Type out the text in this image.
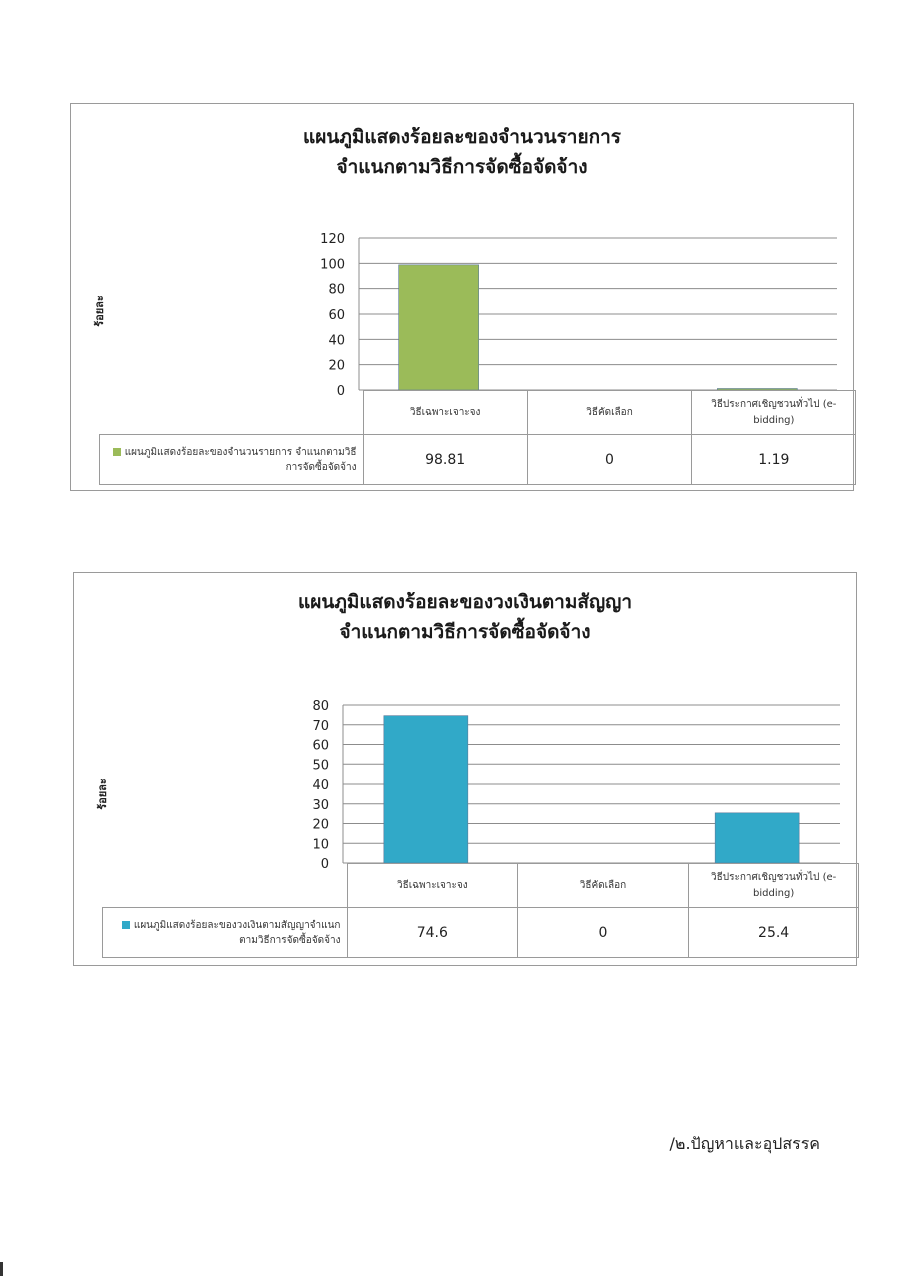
แผนภูมิแสดงร้อยละของจำนวนรายการ
จำแนกตามวิธีการจัดซื้อจัดจ้าง
ร้อยละ
0
20
40
60
80
100
120
	วิธีเฉพาะเจาะจง	วิธีคัดเลือก	วิธีประกาศเชิญชวนทั่วไป (e-bidding)
แผนภูมิแสดงร้อยละของจำนวนรายการ จำแนกตามวิธีการจัดซื้อจัดจ้าง	98.81	0	1.19
แผนภูมิแสดงร้อยละของวงเงินตามสัญญา
จำแนกตามวิธีการจัดซื้อจัดจ้าง
ร้อยละ
0
10
20
30
40
50
60
70
80
	วิธีเฉพาะเจาะจง	วิธีคัดเลือก	วิธีประกาศเชิญชวนทั่วไป (e-bidding)
แผนภูมิแสดงร้อยละของวงเงินตามสัญญาจำแนกตามวิธีการจัดซื้อจัดจ้าง	74.6	0	25.4
/๒.ปัญหาและอุปสรรค
